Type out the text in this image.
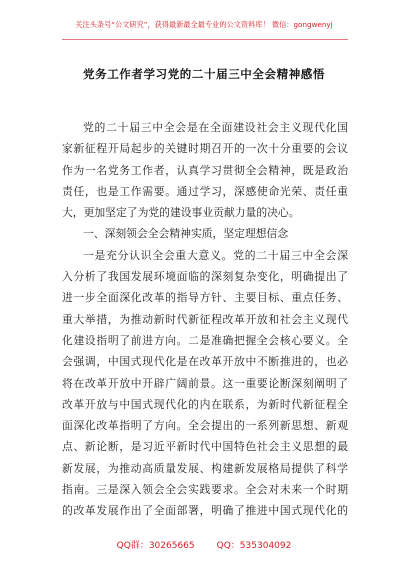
关注头条号“公文研究”，获得最新最全最专业的公文资料库！ 微信：gongwenyj
党务工作者学习党的二十届三中全会精神感悟
党的二十届三中全会是在全面建设社会主义现代化国
家新征程开局起步的关键时期召开的一次十分重要的会议
作为一名党务工作者，认真学习贯彻全会精神，既是政治
责任，也是工作需要。通过学习，深感使命光荣、责任重
大，更加坚定了为党的建设事业贡献力量的决心。
一、深刻领会全会精神实质，坚定理想信念
一是充分认识全会重大意义。党的二十届三中全会深
入分析了我国发展环境面临的深刻复杂变化，明确提出了
进一步全面深化改革的指导方针、主要目标、重点任务、
重大举措，为推动新时代新征程改革开放和社会主义现代
化建设指明了前进方向。二是准确把握全会核心要义。全
会强调，中国式现代化是在改革开放中不断推进的，也必
将在改革开放中开辟广阔前景。这一重要论断深刻阐明了
改革开放与中国式现代化的内在联系，为新时代新征程全
面深化改革指明了方向。全会提出的一系列新思想、新观
点、新论断，是习近平新时代中国特色社会主义思想的最
新发展，为推动高质量发展、构建新发展格局提供了科学
指南。三是深入领会全会实践要求。全会对未来一个时期
的改革发展作出了全面部署，明确了推进中国式现代化的
QQ群：30265665 QQ：535304092
